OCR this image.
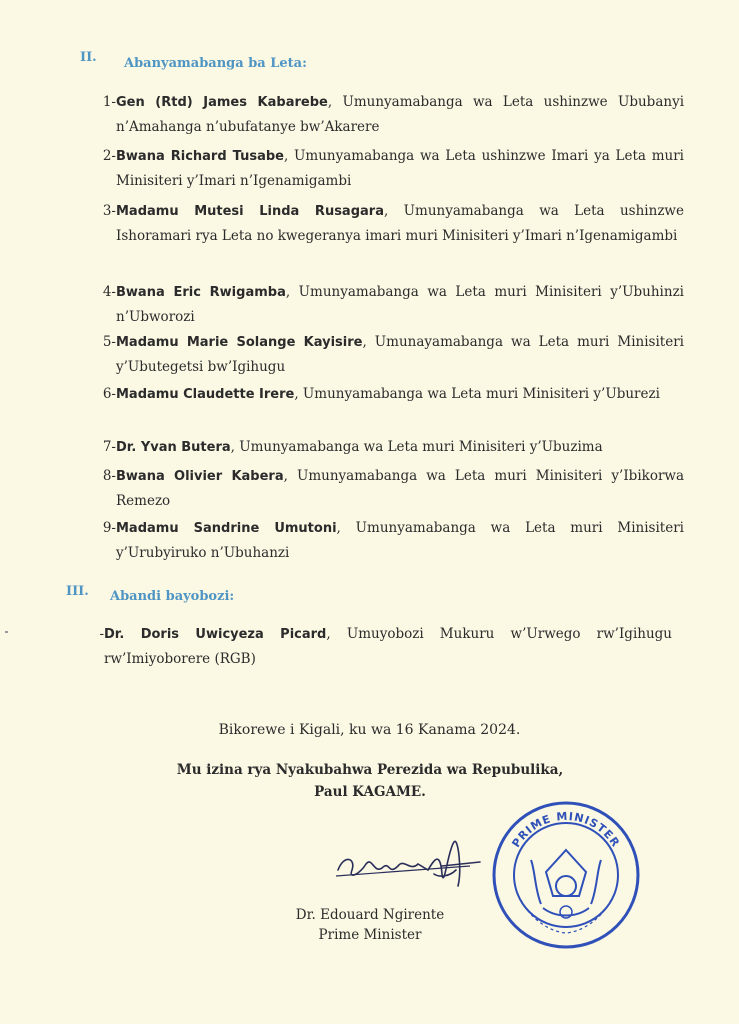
II. Abanyamabanga ba Leta:
1- Gen (Rtd) James Kabarebe, Umunyamabanga wa Leta ushinzwe Ububanyi n’Amahanga n’ubufatanye bw’Akarere
2- Bwana Richard Tusabe, Umunyamabanga wa Leta ushinzwe Imari ya Leta muri Minisiteri y’Imari n’Igenamigambi
3- Madamu Mutesi Linda Rusagara, Umunyamabanga wa Leta ushinzwe Ishoramari rya Leta no kwegeranya imari muri Minisiteri y’Imari n’Igenamigambi
4- Bwana Eric Rwigamba, Umunyamabanga wa Leta muri Minisiteri y’Ubuhinzi n’Ubworozi
5- Madamu Marie Solange Kayisire, Umunayamabanga wa Leta muri Minisiteri y’Ubutegetsi bw’Igihugu
6- Madamu Claudette Irere, Umunyamabanga wa Leta muri Minisiteri y’Uburezi
7- Dr. Yvan Butera, Umunyamabanga wa Leta muri Minisiteri y’Ubuzima
8- Bwana Olivier Kabera, Umunyamabanga wa Leta muri Minisiteri y’Ibikorwa Remezo
9- Madamu Sandrine Umutoni, Umunyamabanga wa Leta muri Minisiteri y’Urubyiruko n’Ubuhanzi
III. Abandi bayobozi:
- Dr. Doris Uwicyeza Picard, Umuyobozi Mukuru w’Urwego rw’Igihugu rw’Imiyoborere (RGB)
Bikorewe i Kigali, ku wa 16 Kanama 2024.
Mu izina rya Nyakubahwa Perezida wa Repubulika,
Paul KAGAME.
Dr. Edouard Ngirente
Prime Minister
PRIME MINISTER
